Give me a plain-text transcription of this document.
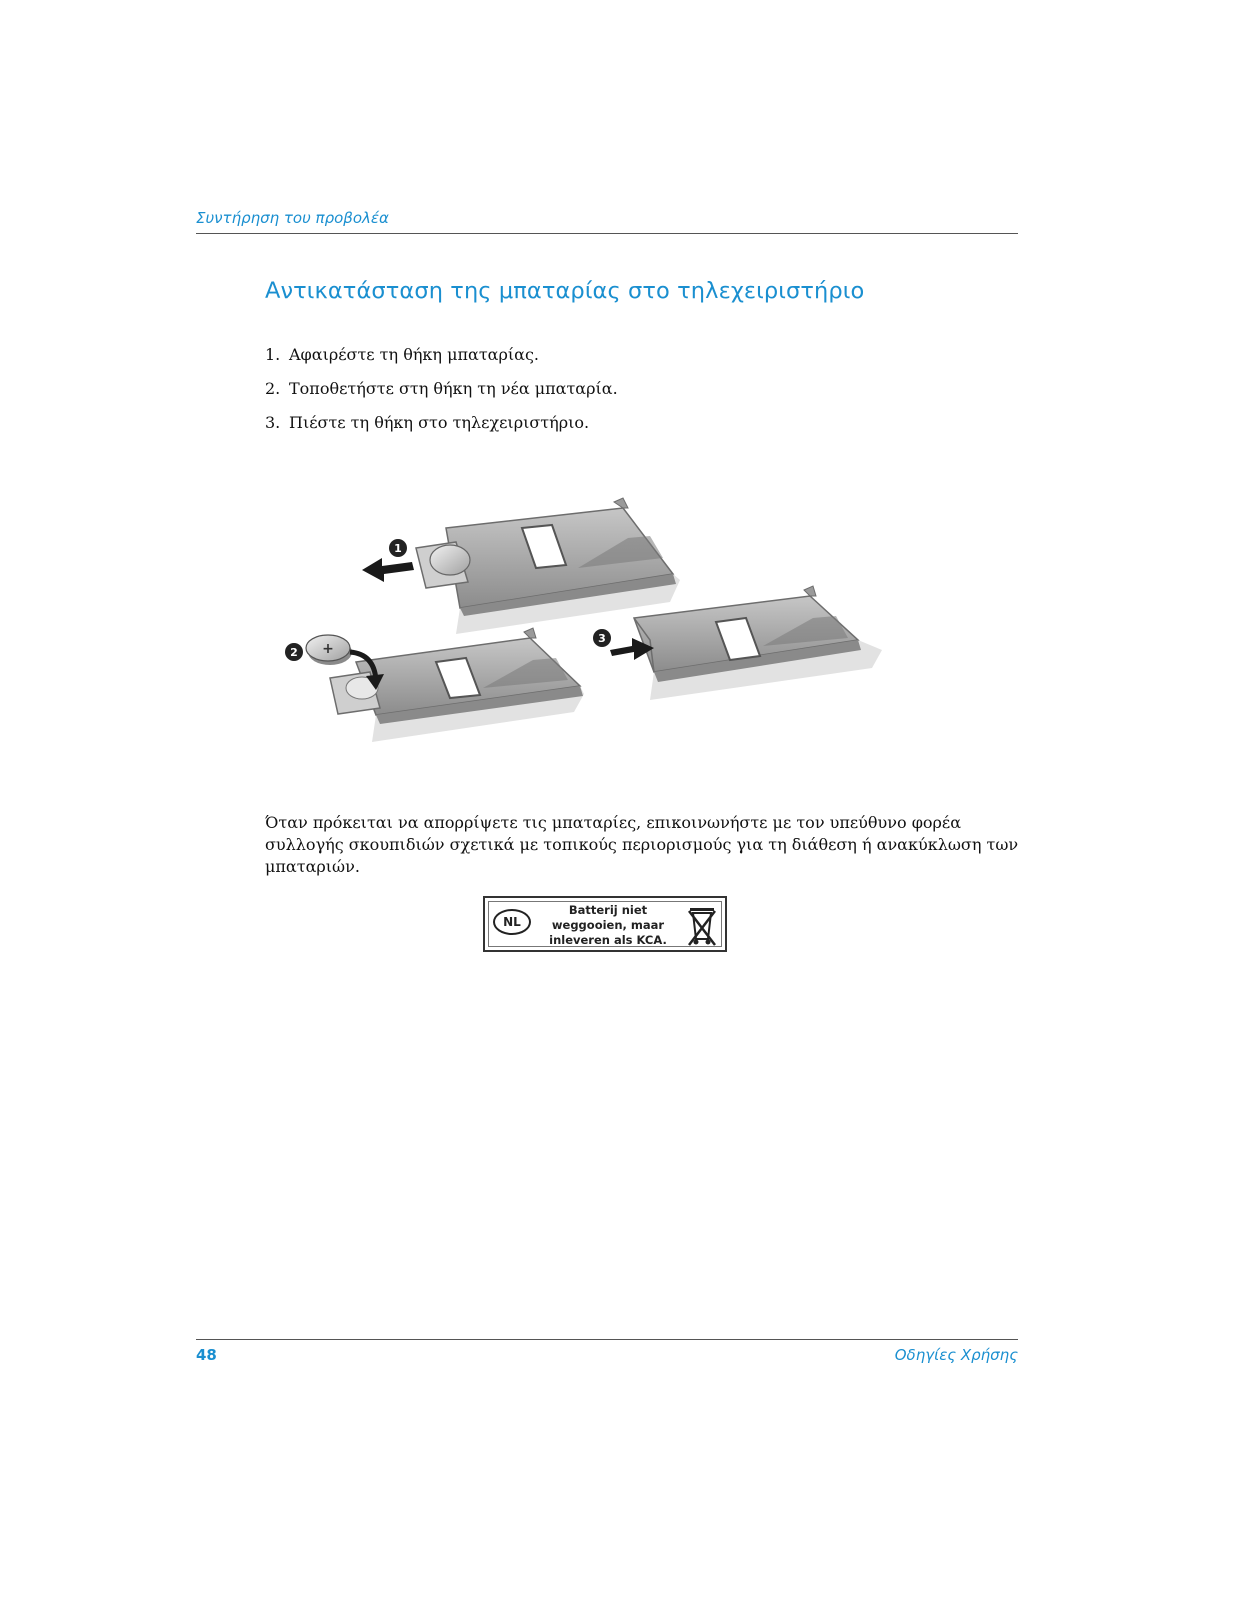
Συντήρηση του προβολέα
Αντικατάσταση της μπαταρίας στο τηλεχειριστήριο
1. Αφαιρέστε τη θήκη μπαταρίας.
2. Τοποθετήστε στη θήκη τη νέα μπαταρία.
3. Πιέστε τη θήκη στο τηλεχειριστήριο.
1
+
2
3

Όταν πρόκειται να απορρίψετε τις μπαταρίες, επικοινωνήστε με τον υπεύθυνο φορέα συλλογής σκουπιδιών σχετικά με τοπικούς περιορισμούς για τη διάθεση ή ανακύκλωση των μπαταριών.

NL
Batterij niet
weggooien, maar
inleveren als KCA.
48	Οδηγίες Χρήσης
